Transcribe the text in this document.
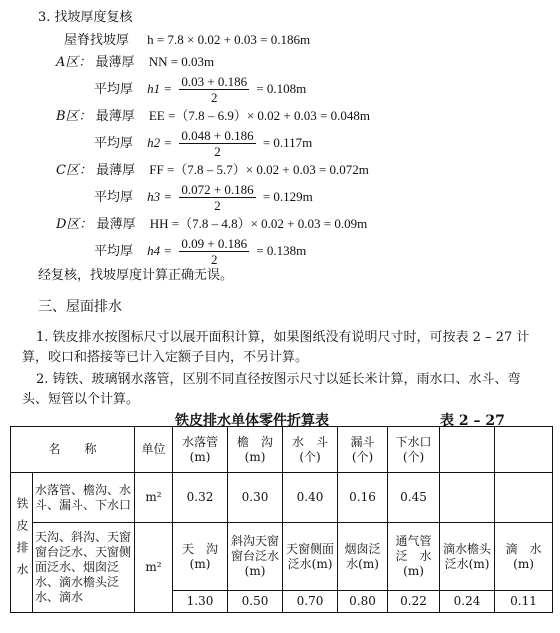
3. 找坡厚度复核
屋脊找坡厚 h = 7.8 × 0.02 + 0.03 = 0.186m
A区： 最薄厚 NN = 0.03m
平均厚 $h1 = \frac{0.03 + 0.186}{2} = 0.108m$
B区： 最薄厚 EE =（7.8 – 6.9）× 0.02 + 0.03 = 0.048m
平均厚 $h2 = \frac{0.048 + 0.186}{2} = 0.117m$
C区： 最薄厚 FF =（7.8 – 5.7）× 0.02 + 0.03 = 0.072m
平均厚 $h3 = \frac{0.072 + 0.186}{2} = 0.129m$
D区： 最薄厚 HH =（7.8 – 4.8）× 0.02 + 0.03 = 0.09m
平均厚 $h4 = \frac{0.09 + 0.186}{2} = 0.138m$
经复核，找坡厚度计算正确无误。
三、屋面排水
1. 铁皮排水按图标尺寸以展开面积计算，如果图纸没有说明尺寸时，可按表 2 – 27 计算，咬口和搭接等已计入定额子目内，不另计算。
2. 铸铁、玻璃钢水落管，区别不同直径按图示尺寸以延长米计算，雨水口、水斗、弯头、短管以个计算。
铁皮排水单体零件折算表	表 2 – 27
名　　称		单位	水落管(m)	檐　沟(m)	水　斗(个)	漏斗(个)	下水口(个)		
铁皮排水	水落管、檐沟、水斗、漏斗、下水口	m²	0.32	0.30	0.40	0.16	0.45		
	天沟、斜沟、天窗窗台泛水、天窗侧面泛水、烟囱泛水、滴水檐头泛水、滴水	m²	天　沟(m)	斜沟天窗窗台泛水(m)	天窗侧面泛水(m)	烟囱泛水(m)	通气管泛　水(m)	滴水檐头泛水(m)	滴　水(m)
			1.30	0.50	0.70	0.80	0.22	0.24	0.11
